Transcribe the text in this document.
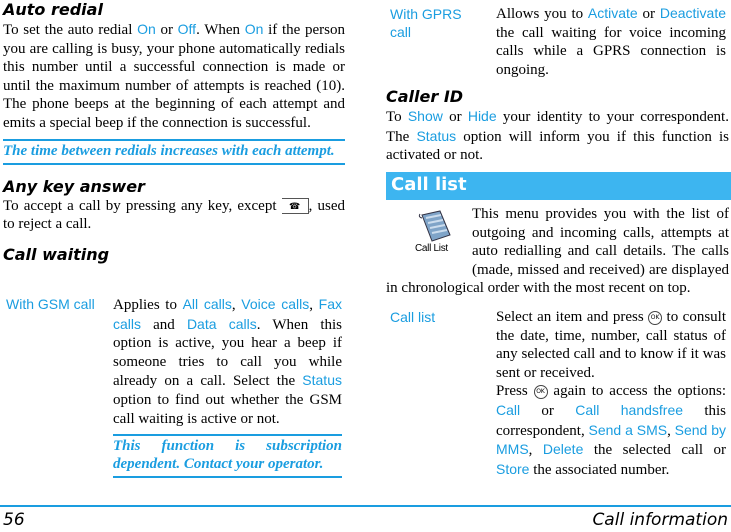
Auto redial

To set the auto redial On or Off. When On if the person you are calling is busy, your phone automatically redials this number until a successful connection is made or until the maximum number of attempts is reached (10). The phone beeps at the beginning of each attempt and emits a special beep if the connection is successful.

The time between redials increases with each attempt.
Any key answer

To accept a call by pressing any key, except ☎ , used to reject a call.

Call waiting
With GSM call Applies to All calls, Voice calls, Fax calls and Data calls. When this option is active, you hear a beep if someone tries to call you while already on a call. Select the Status option to find out whether the GSM call waiting is active or not.

This function is subscription dependent. Contact your operator.
With GPRS call

Allows you to Activate or Deactivate the call waiting for voice incoming calls while a GPRS connection is ongoing.

Caller ID

To Show or Hide your identity to your correspondent. The Status option will inform you if this function is activated or not.

Call list
Call List

This menu provides you with the list of outgoing and incoming calls, attempts at auto redialling and call details. The calls (made, missed and received) are displayed in chronological order with the most recent on top.

Call list	Select an item and press OK to consult the date, time, number, call status of any selected call and to know if it was sent or received.

Press OK again to access the options: Call or Call handsfree this correspondent, Send a SMS, Send by MMS, Delete the selected call or Store the associated number.

56	Call information
